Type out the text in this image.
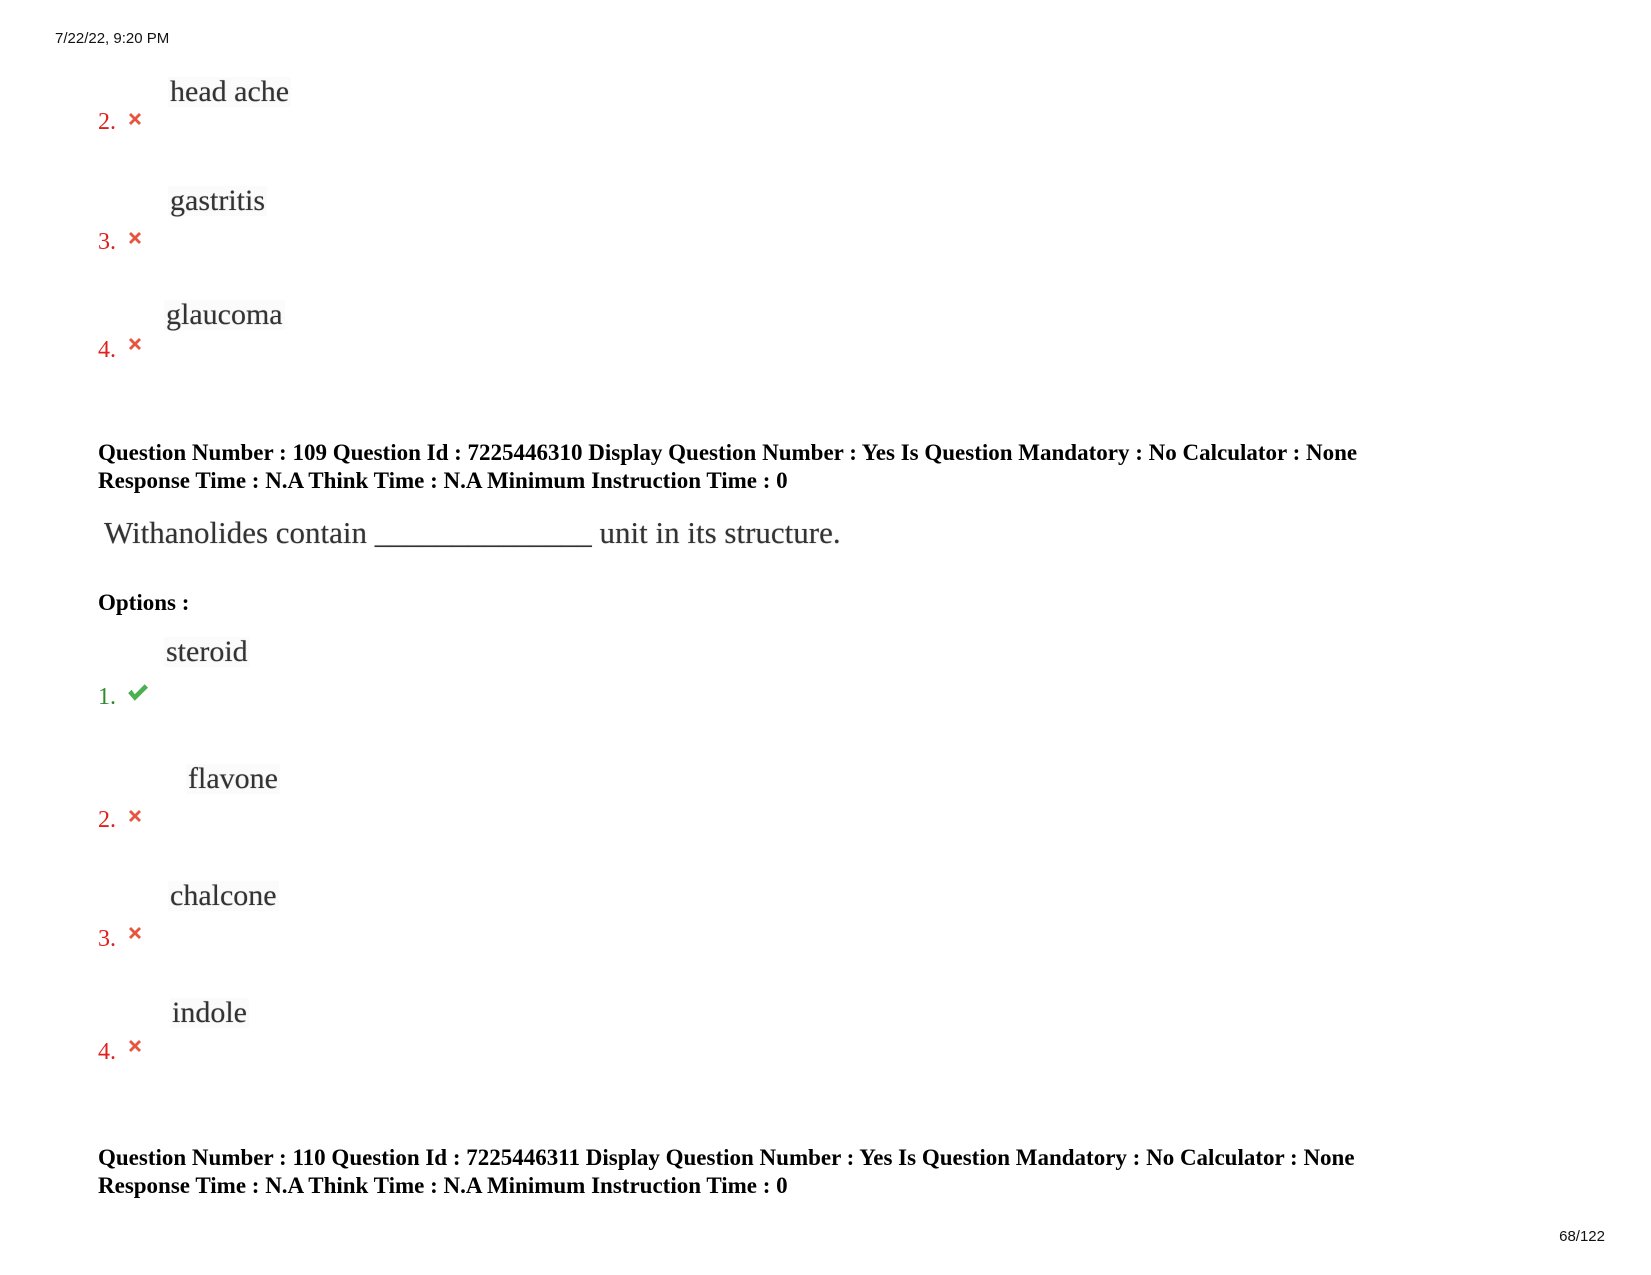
7/22/22, 9:20 PM
head ache
2.
gastritis
3.
glaucoma
4.
Question Number : 109 Question Id : 7225446310 Display Question Number : Yes Is Question Mandatory : No Calculator : None
Response Time : N.A Think Time : N.A Minimum Instruction Time : 0
Withanolides contain ______________ unit in its structure.
Options :
steroid
1.
flavone
2.
chalcone
3.
indole
4.
Question Number : 110 Question Id : 7225446311 Display Question Number : Yes Is Question Mandatory : No Calculator : None
Response Time : N.A Think Time : N.A Minimum Instruction Time : 0
68/122
